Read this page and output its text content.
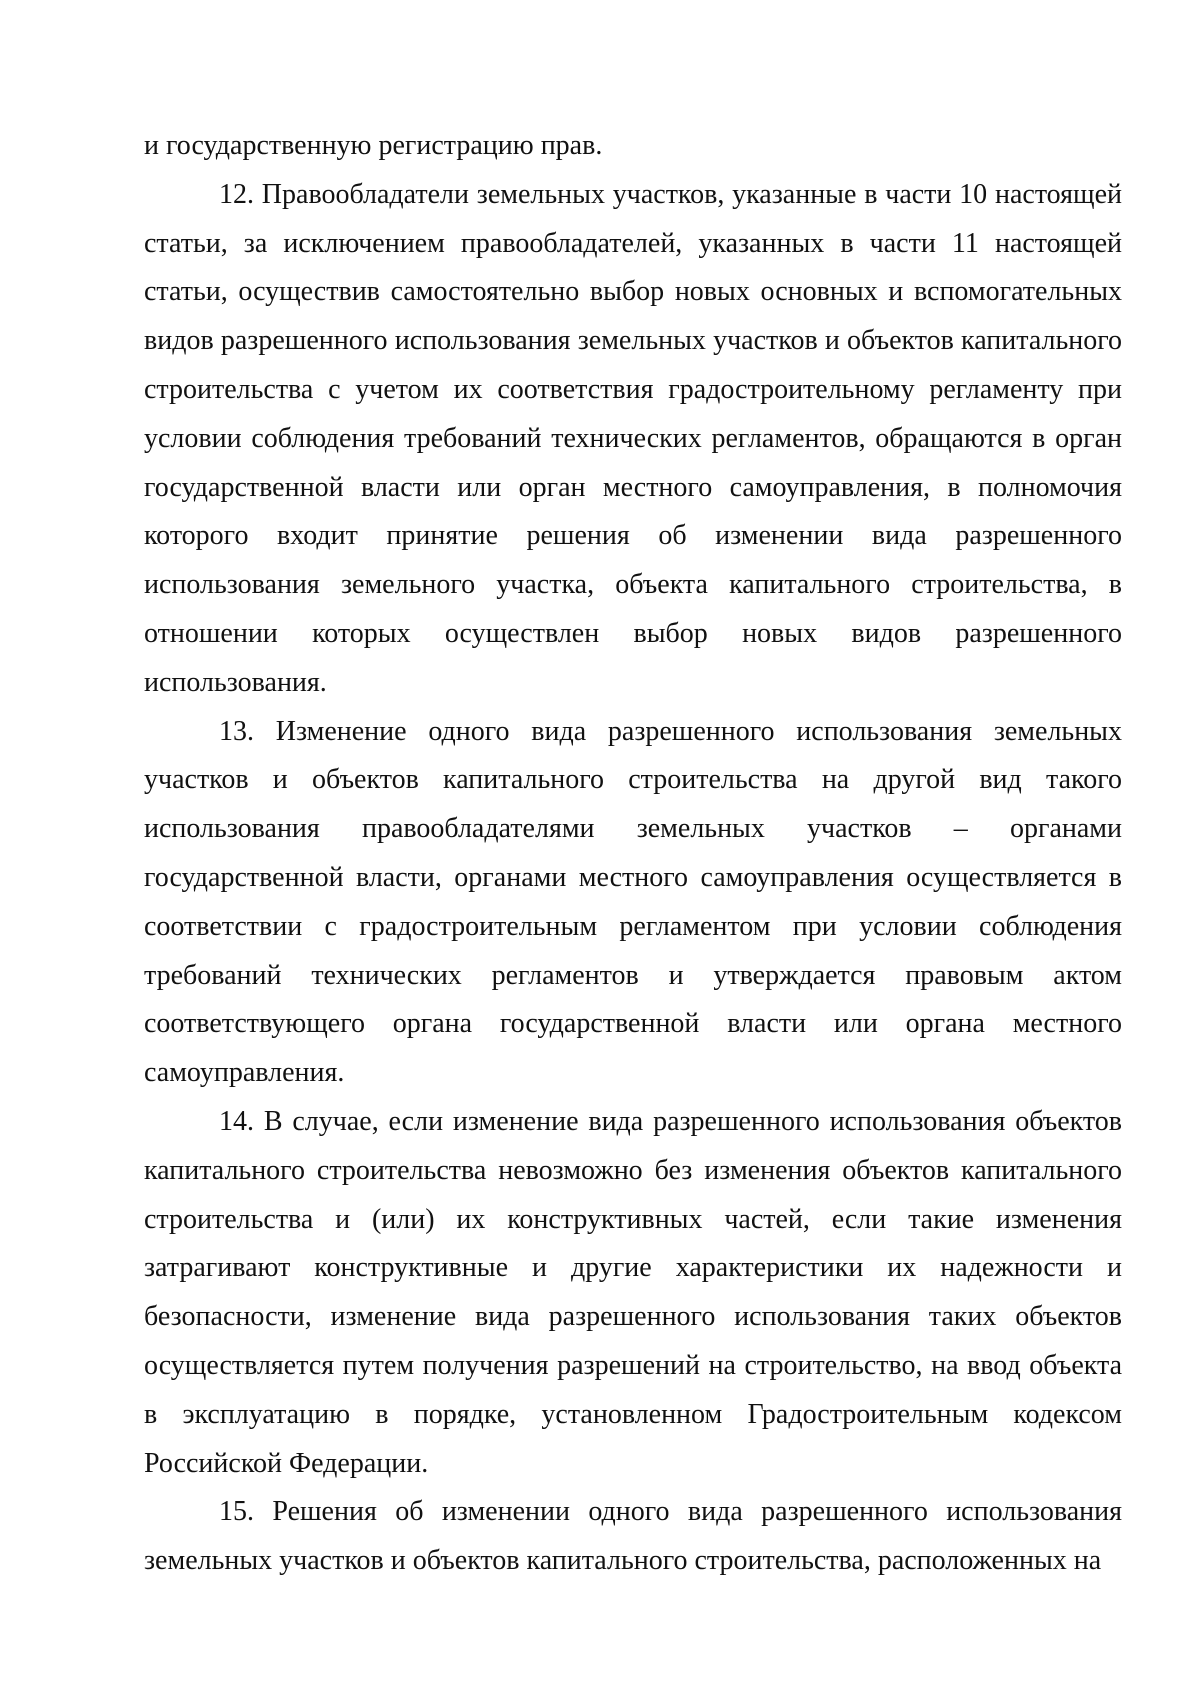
и государственную регистрацию прав.

12. Правообладатели земельных участков, указанные в части 10 настоящей статьи, за исключением правообладателей, указанных в части 11 настоящей статьи, осуществив самостоятельно выбор новых основных и вспомогательных видов разрешенного использования земельных участков и объектов капитального строительства с учетом их соответствия градостроительному регламенту при условии соблюдения требований технических регламентов, обращаются в орган государственной власти или орган местного самоуправления, в полномочия которого входит принятие решения об изменении вида разрешенного использования земельного участка, объекта капитального строительства, в отношении которых осуществлен выбор новых видов разрешенного использования.

13. Изменение одного вида разрешенного использования земельных участков и объектов капитального строительства на другой вид такого использования правообладателями земельных участков – органами государственной власти, органами местного самоуправления осуществляется в соответствии с градостроительным регламентом при условии соблюдения требований технических регламентов и утверждается правовым актом соответствующего органа государственной власти или органа местного самоуправления.

14. В случае, если изменение вида разрешенного использования объектов капитального строительства невозможно без изменения объектов капитального строительства и (или) их конструктивных частей, если такие изменения затрагивают конструктивные и другие характеристики их надежности и безопасности, изменение вида разрешенного использования таких объектов осуществляется путем получения разрешений на строительство, на ввод объекта в эксплуатацию в порядке, установленном Градостроительным кодексом Российской Федерации.

15. Решения об изменении одного вида разрешенного использования земельных участков и объектов капитального строительства, расположенных на
